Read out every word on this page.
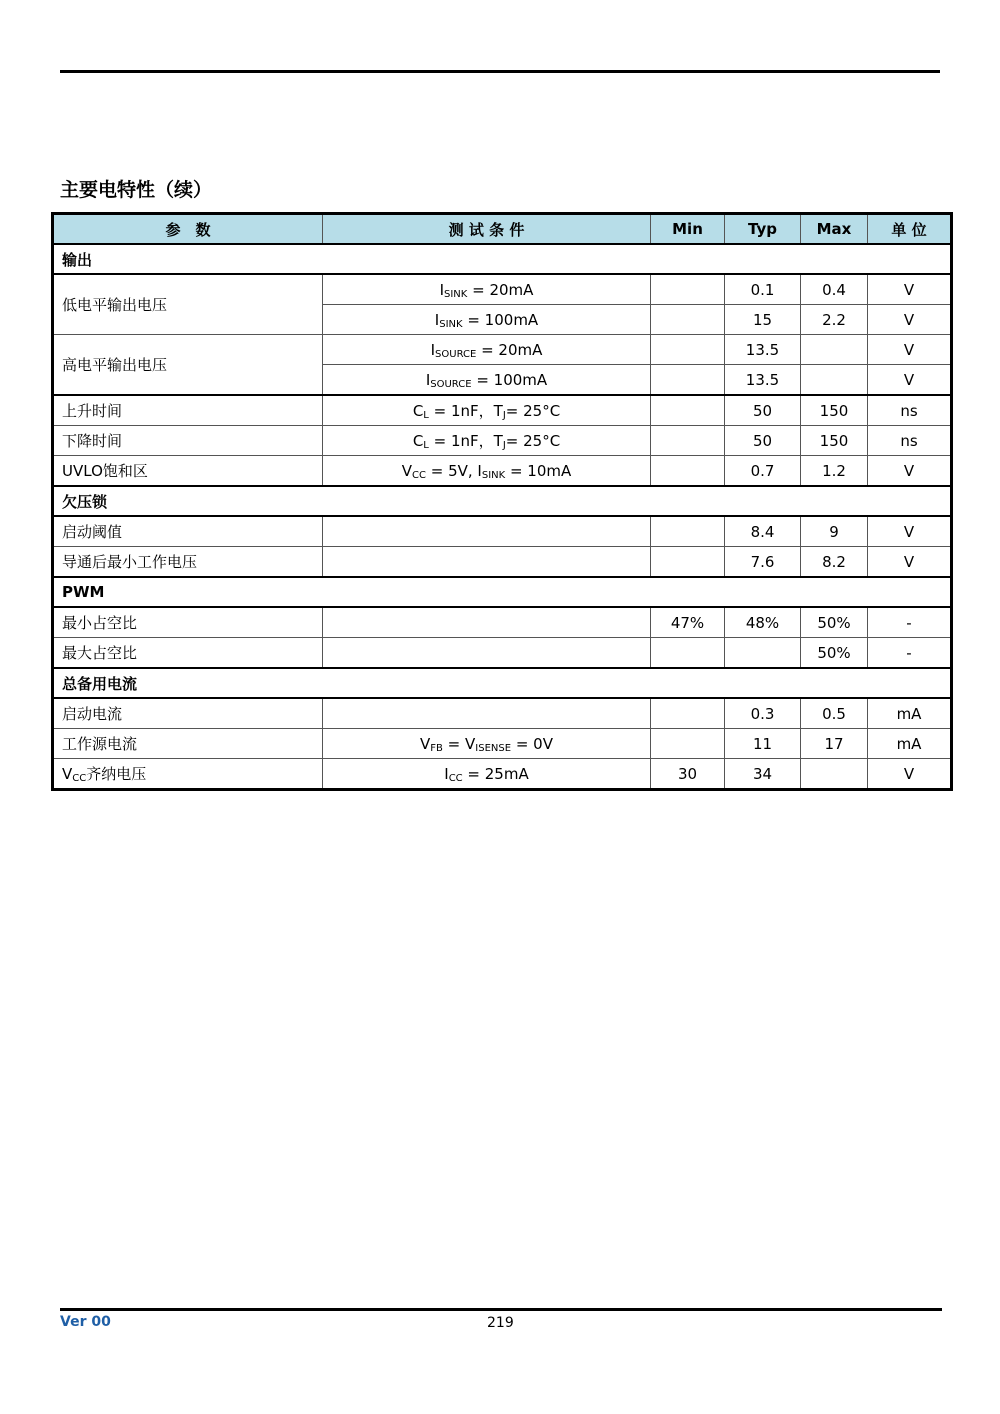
主要电特性（续）
参　数	测 试 条 件	Min	Typ	Max	单 位
输出					
低电平输出电压	$I_{SINK} = 20mA$		0.1	0.4	V
	$I_{SINK} = 100mA$		15	2.2	V
高电平输出电压	$I_{SOURCE} = 20mA$		13.5		V
	$I_{SOURCE} = 100mA$		13.5		V
上升时间	$C_L = 1nF$，$T_J= 25^\circ C$		50	150	ns
下降时间	$C_L = 1nF$，$T_J= 25^\circ C$		50	150	ns
UVLO饱和区	$V_{CC} = 5V$, $I_{SINK} = 10mA$		0.7	1.2	V
欠压锁					
启动阈值			8.4	9	V
导通后最小工作电压			7.6	8.2	V
PWM					
最小占空比		47%	48%	50%	-
最大占空比				50%	-
总备用电流					
启动电流			0.3	0.5	mA
工作源电流	$V_{FB} = V_{ISENSE} = 0V$		11	17	mA
$V_{CC}$齐纳电压	$I_{CC} = 25mA$	30	34		V
Ver 00	219
